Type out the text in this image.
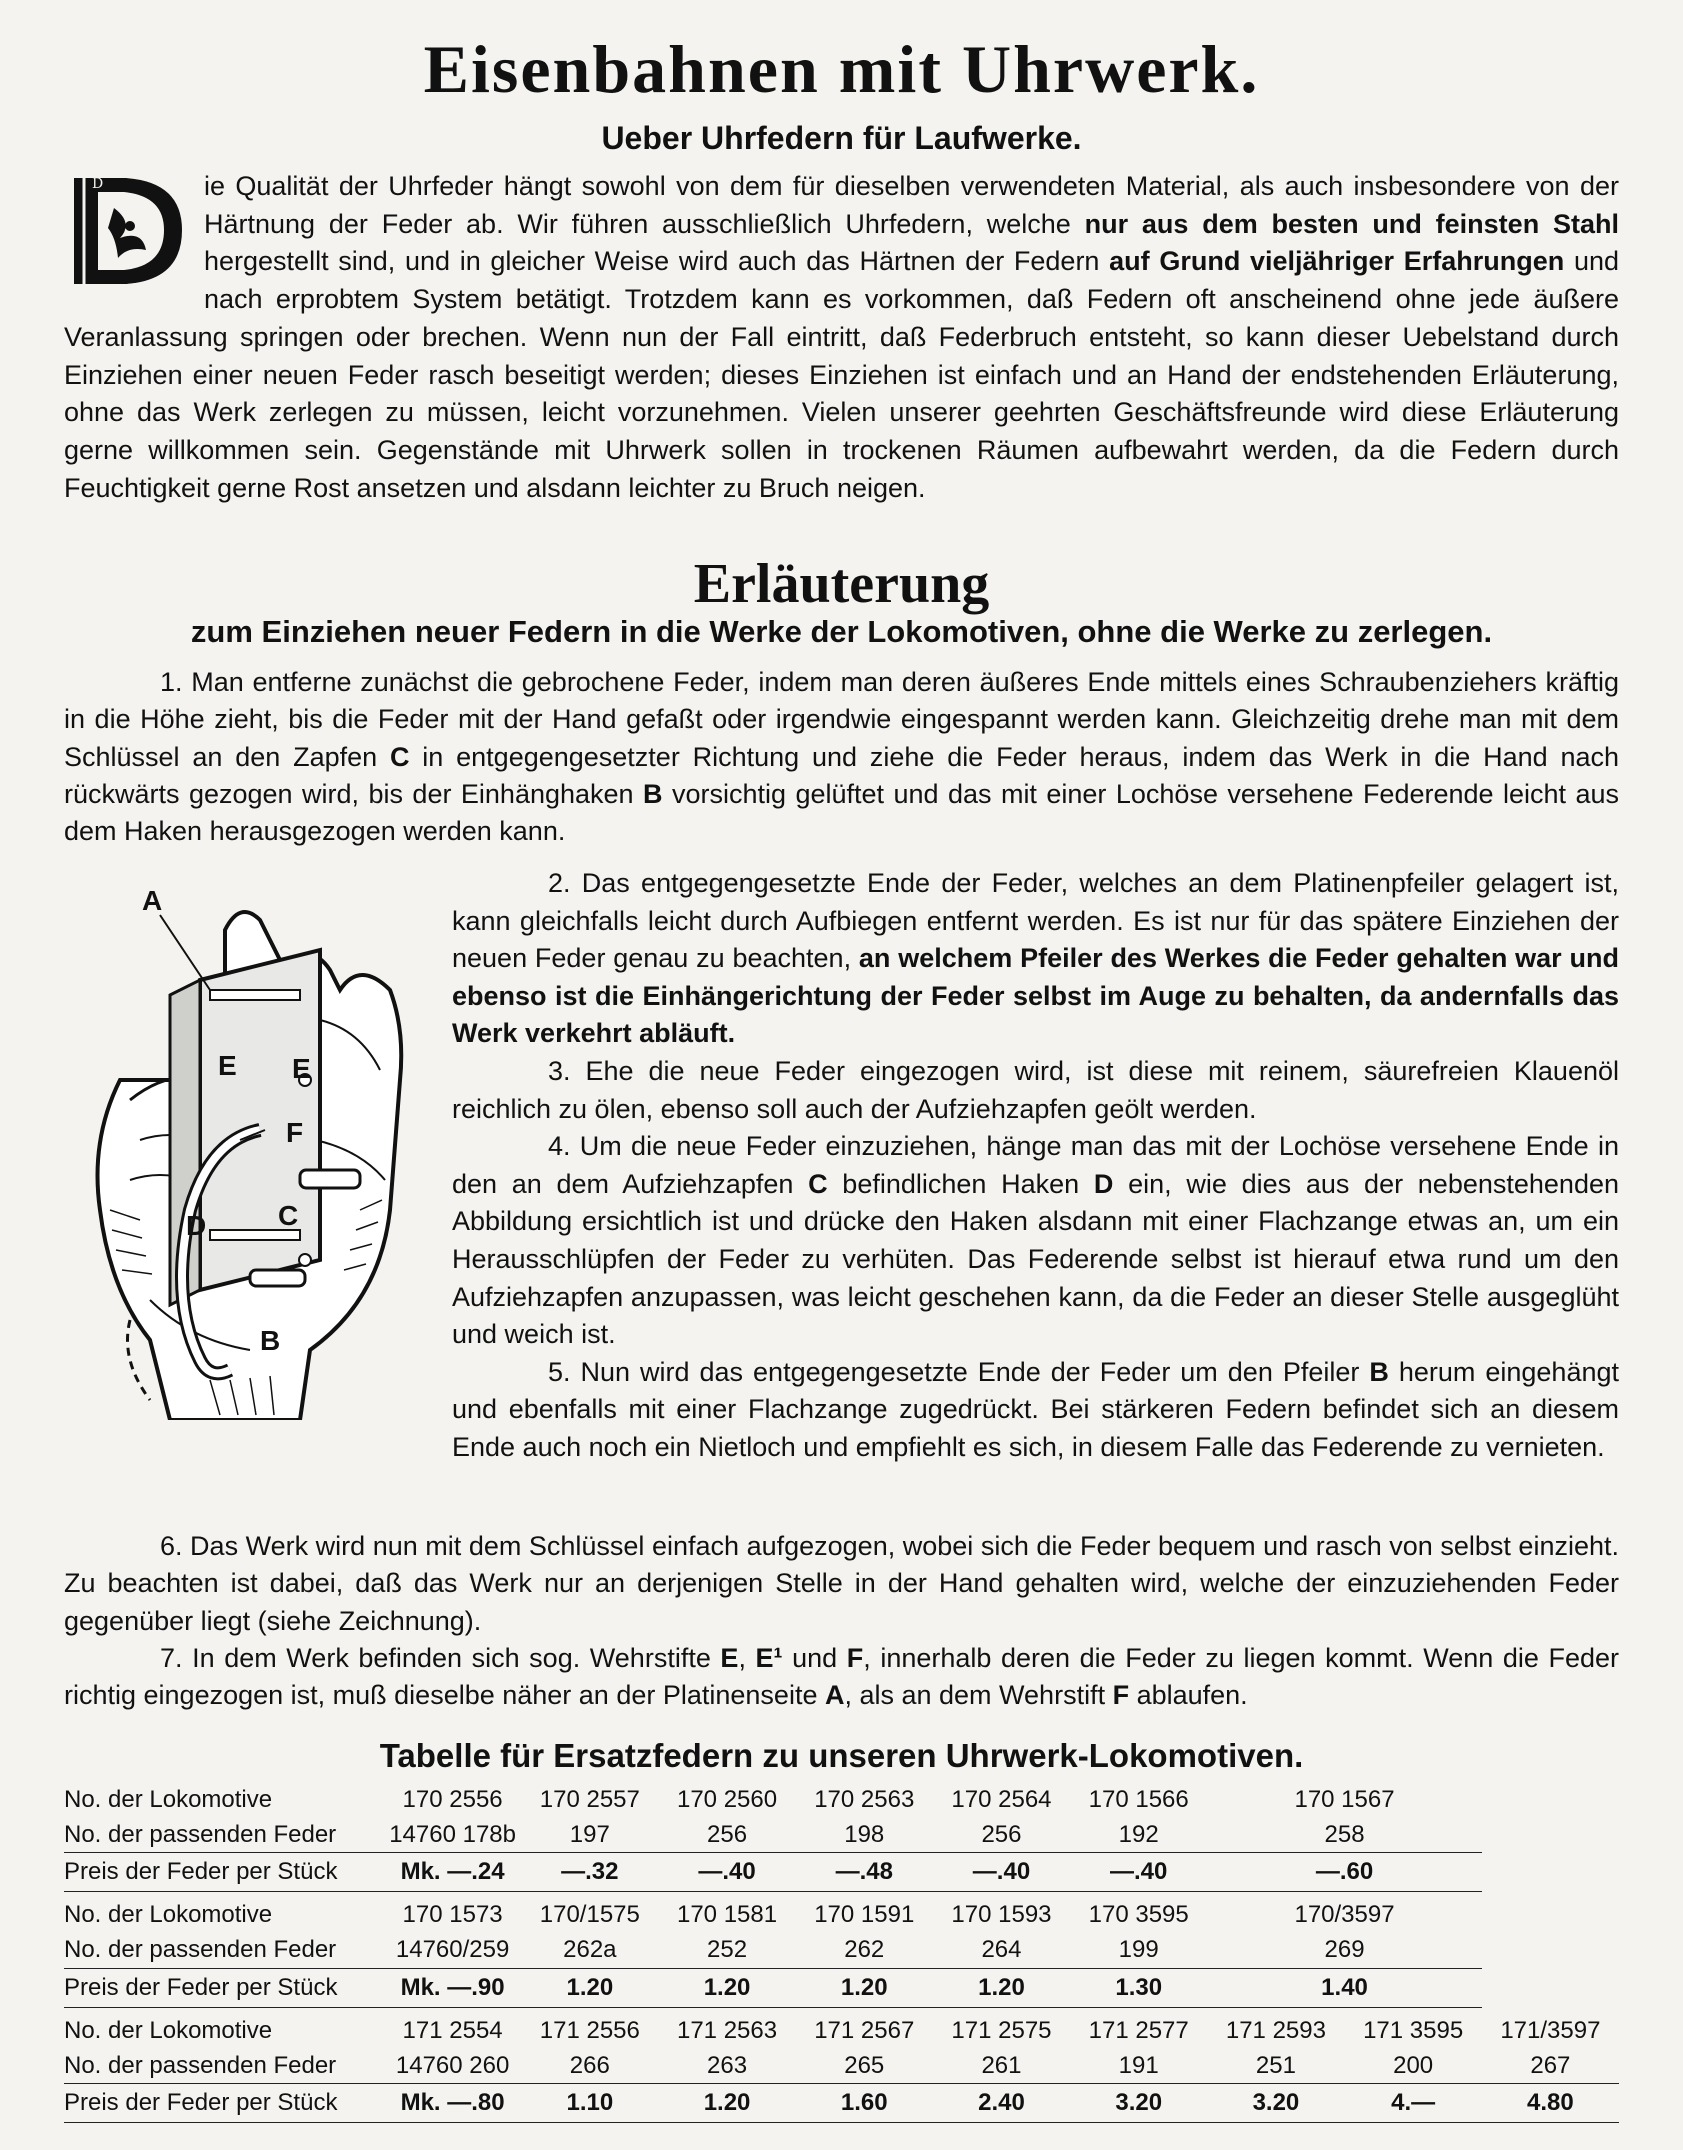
Eisenbahnen mit Uhrwerk.
Ueber Uhrfedern für Laufwerke.
D	ie Qualität der Uhrfeder hängt sowohl von dem für dieselben verwendeten Material, als auch insbesondere von der Härtnung der Feder ab. Wir führen ausschließlich Uhrfedern, welche nur aus dem besten und feinsten Stahl hergestellt sind, und in gleicher Weise wird auch das Härtnen der Federn auf Grund vieljähriger Erfahrungen und nach erprobtem System betätigt. Trotzdem kann es vorkommen, daß Federn oft anscheinend ohne jede äußere Veranlassung springen oder brechen. Wenn nun der Fall eintritt, daß Federbruch entsteht, so kann dieser Uebelstand durch Einziehen einer neuen Feder rasch beseitigt werden; dieses Einziehen ist einfach und an Hand der endstehenden Erläuterung, ohne das Werk zerlegen zu müssen, leicht vorzunehmen. Vielen unserer geehrten Geschäftsfreunde wird diese Erläuterung gerne willkommen sein. Gegenstände mit Uhrwerk sollen in trockenen Räumen aufbewahrt werden, da die Federn durch Feuchtigkeit gerne Rost ansetzen und alsdann leichter zu Bruch neigen.

Erläuterung
zum Einziehen neuer Federn in die Werke der Lokomotiven, ohne die Werke zu zerlegen.

1. Man entferne zunächst die gebrochene Feder, indem man deren äußeres Ende mittels eines Schraubenziehers kräftig in die Höhe zieht, bis die Feder mit der Hand gefaßt oder irgendwie eingespannt werden kann. Gleichzeitig drehe man mit dem Schlüssel an den Zapfen C in entgegengesetzter Richtung und ziehe die Feder heraus, indem das Werk in die Hand nach rückwärts gezogen wird, bis der Einhänghaken B vorsichtig gelüftet und das mit einer Lochöse versehene Federende leicht aus dem Haken herausgezogen werden kann.

A
B
C
D
E E
F

2. Das entgegengesetzte Ende der Feder, welches an dem Platinenpfeiler gelagert ist, kann gleichfalls leicht durch Aufbiegen entfernt werden. Es ist nur für das spätere Einziehen der neuen Feder genau zu beachten, an welchem Pfeiler des Werkes die Feder gehalten war und ebenso ist die Einhängerichtung der Feder selbst im Auge zu behalten, da andernfalls das Werk verkehrt abläuft.

3. Ehe die neue Feder eingezogen wird, ist diese mit reinem, säurefreien Klauenöl reichlich zu ölen, ebenso soll auch der Aufziehzapfen geölt werden.

4. Um die neue Feder einzuziehen, hänge man das mit der Lochöse versehene Ende in den an dem Aufziehzapfen C befindlichen Haken D ein, wie dies aus der nebenstehenden Abbildung ersichtlich ist und drücke den Haken alsdann mit einer Flachzange etwas an, um ein Herausschlüpfen der Feder zu verhüten. Das Federende selbst ist hierauf etwa rund um den Aufziehzapfen anzupassen, was leicht geschehen kann, da die Feder an dieser Stelle ausgeglüht und weich ist.

5. Nun wird das entgegengesetzte Ende der Feder um den Pfeiler B herum eingehängt und ebenfalls mit einer Flachzange zugedrückt. Bei stärkeren Federn befindet sich an diesem Ende auch noch ein Nietloch und empfiehlt es sich, in diesem Falle das Federende zu vernieten.

6. Das Werk wird nun mit dem Schlüssel einfach aufgezogen, wobei sich die Feder bequem und rasch von selbst einzieht. Zu beachten ist dabei, daß das Werk nur an derjenigen Stelle in der Hand gehalten wird, welche der einzuziehenden Feder gegenüber liegt (siehe Zeichnung).

7. In dem Werk befinden sich sog. Wehrstifte E, E¹ und F, innerhalb deren die Feder zu liegen kommt. Wenn die Feder richtig eingezogen ist, muß dieselbe näher an der Platinenseite A, als an dem Wehrstift F ablaufen.

Tabelle für Ersatzfedern zu unseren Uhrwerk-Lokomotiven.
No. der Lokomotive	170 2556	170 2557	170 2560	170 2563	170 2564	170 1566	170 1567		
No. der passenden Feder	14760 178b	197	256	198	256	192	258		
Preis der Feder per Stück	Mk. —.24	—.32	—.40	—.48	—.40	—.40	—.60		

No. der Lokomotive	170 1573	170/1575	170 1581	170 1591	170 1593	170 3595	170/3597		
No. der passenden Feder	14760/259	262a	252	262	264	199	269		
Preis der Feder per Stück	Mk. —.90	1.20	1.20	1.20	1.20	1.30	1.40		

No. der Lokomotive	171 2554	171 2556	171 2563	171 2567	171 2575	171 2577	171 2593	171 3595	171/3597
No. der passenden Feder	14760 260	266	263	265	261	191	251	200	267
Preis der Feder per Stück	Mk. —.80	1.10	1.20	1.60	2.40	3.20	3.20	4.—	4.80
